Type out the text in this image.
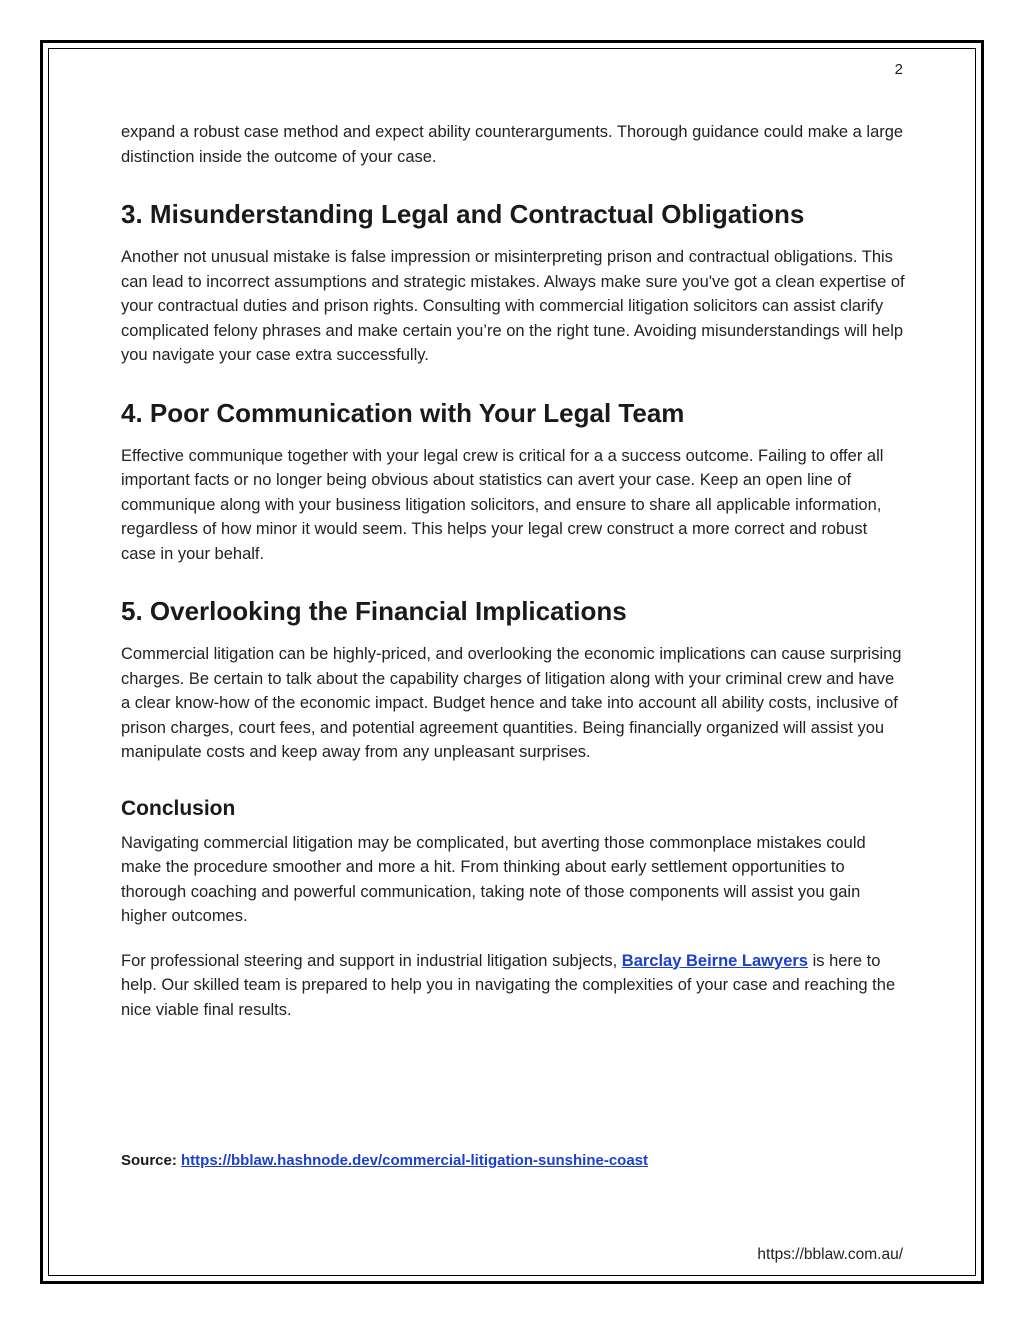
2

expand a robust case method and expect ability counterarguments. Thorough guidance could make a large distinction inside the outcome of your case.

3. Misunderstanding Legal and Contractual Obligations

Another not unusual mistake is false impression or misinterpreting prison and contractual obligations. This can lead to incorrect assumptions and strategic mistakes. Always make sure you've got a clean expertise of your contractual duties and prison rights. Consulting with commercial litigation solicitors can assist clarify complicated felony phrases and make certain you’re on the right tune. Avoiding misunderstandings will help you navigate your case extra successfully.

4. Poor Communication with Your Legal Team

Effective communique together with your legal crew is critical for a a success outcome. Failing to offer all important facts or no longer being obvious about statistics can avert your case. Keep an open line of communique along with your business litigation solicitors, and ensure to share all applicable information, regardless of how minor it would seem. This helps your legal crew construct a more correct and robust case in your behalf.

5. Overlooking the Financial Implications

Commercial litigation can be highly-priced, and overlooking the economic implications can cause surprising charges. Be certain to talk about the capability charges of litigation along with your criminal crew and have a clear know-how of the economic impact. Budget hence and take into account all ability costs, inclusive of prison charges, court fees, and potential agreement quantities. Being financially organized will assist you manipulate costs and keep away from any unpleasant surprises.

Conclusion

Navigating commercial litigation may be complicated, but averting those commonplace mistakes could make the procedure smoother and more a hit. From thinking about early settlement opportunities to thorough coaching and powerful communication, taking note of those components will assist you gain higher outcomes.

For professional steering and support in industrial litigation subjects, Barclay Beirne Lawyers is here to help. Our skilled team is prepared to help you in navigating the complexities of your case and reaching the nice viable final results.

Source: https://bblaw.hashnode.dev/commercial-litigation-sunshine-coast
https://bblaw.com.au/
